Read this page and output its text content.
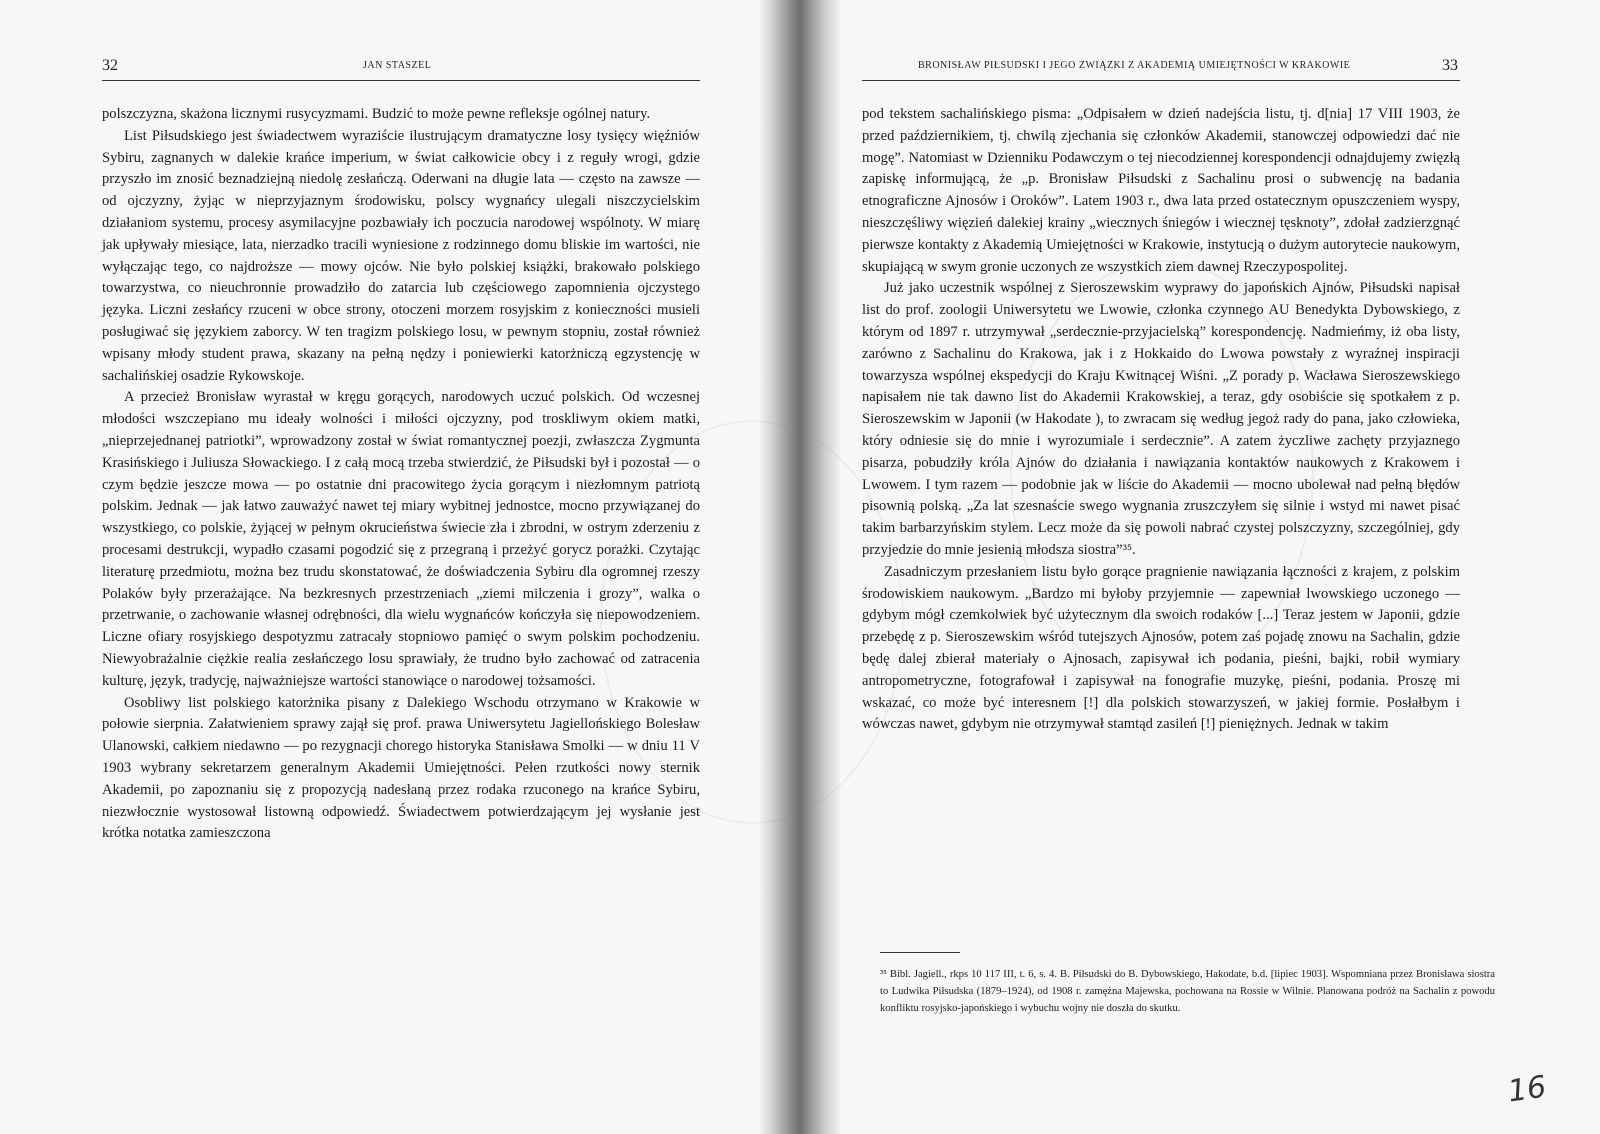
32	JAN STASZEL

polszczyzna, skażona licznymi rusycyzmami. Budzić to może pewne refleksje ogólnej natury.

List Piłsudskiego jest świadectwem wyraziście ilustrującym dramatyczne losy tysięcy więźniów Sybiru, zagnanych w dalekie krańce imperium, w świat całkowicie obcy i z reguły wrogi, gdzie przyszło im znosić beznadziejną niedolę zesłańczą. Oderwani na długie lata — często na zawsze — od ojczyzny, żyjąc w nieprzyjaznym środowisku, polscy wygnańcy ulegali niszczycielskim działaniom systemu, procesy asymilacyjne pozbawiały ich poczucia narodowej wspólnoty. W miarę jak upływały miesiące, lata, nierzadko tracili wyniesione z rodzinnego domu bliskie im wartości, nie wyłączając tego, co najdroższe — mowy ojców. Nie było polskiej książki, brakowało polskiego towarzystwa, co nieuchronnie prowadziło do zatarcia lub częściowego zapomnienia ojczystego języka. Liczni zesłańcy rzuceni w obce strony, otoczeni morzem rosyjskim z konieczności musieli posługiwać się językiem zaborcy. W ten tragizm polskiego losu, w pewnym stopniu, został również wpisany młody student prawa, skazany na pełną nędzy i poniewierki katorżniczą egzystencję w sachalińskiej osadzie Rykowskoje.

A przecież Bronisław wyrastał w kręgu gorących, narodowych uczuć polskich. Od wczesnej młodości wszczepiano mu ideały wolności i miłości ojczyzny, pod troskliwym okiem matki, „nieprzejednanej patriotki”, wprowadzony został w świat romantycznej poezji, zwłaszcza Zygmunta Krasińskiego i Juliusza Słowackiego. I z całą mocą trzeba stwierdzić, że Piłsudski był i pozostał — o czym będzie jeszcze mowa — po ostatnie dni pracowitego życia gorącym i niezłomnym patriotą polskim. Jednak — jak łatwo zauważyć nawet tej miary wybitnej jednostce, mocno przywiązanej do wszystkiego, co polskie, żyjącej w pełnym okrucieństwa świecie zła i zbrodni, w ostrym zderzeniu z procesami destrukcji, wypadło czasami pogodzić się z przegraną i przeżyć gorycz porażki. Czytając literaturę przedmiotu, można bez trudu skonstatować, że doświadczenia Sybiru dla ogromnej rzeszy Polaków były przerażające. Na bezkresnych przestrzeniach „ziemi milczenia i grozy”, walka o przetrwanie, o zachowanie własnej odrębności, dla wielu wygnańców kończyła się niepowodzeniem. Liczne ofiary rosyjskiego despotyzmu zatracały stopniowo pamięć o swym polskim pochodzeniu. Niewyobrażalnie ciężkie realia zesłańczego losu sprawiały, że trudno było zachować od zatracenia kulturę, język, tradycję, najważniejsze wartości stanowiące o narodowej tożsamości.

Osobliwy list polskiego katorżnika pisany z Dalekiego Wschodu otrzymano w Krakowie w połowie sierpnia. Załatwieniem sprawy zajął się prof. prawa Uniwersytetu Jagiellońskiego Bolesław Ulanowski, całkiem niedawno — po rezygnacji chorego historyka Stanisława Smolki — w dniu 11 V 1903 wybrany sekretarzem generalnym Akademii Umiejętności. Pełen rzutkości nowy sternik Akademii, po zapoznaniu się z propozycją nadesłaną przez rodaka rzuconego na krańce Sybiru, niezwłocznie wystosował listowną odpowiedź. Świadectwem potwierdzającym jej wysłanie jest krótka notatka zamieszczona

BRONISŁAW PIŁSUDSKI I JEGO ZWIĄZKI Z AKADEMIĄ UMIEJĘTNOŚCI W KRAKOWIE	33

pod tekstem sachalińskiego pisma: „Odpisałem w dzień nadejścia listu, tj. d[nia] 17 VIII 1903, że przed październikiem, tj. chwilą zjechania się członków Akademii, stanowczej odpowiedzi dać nie mogę”. Natomiast w Dzienniku Podawczym o tej niecodziennej korespondencji odnajdujemy zwięzłą zapiskę informującą, że „p. Bronisław Piłsudski z Sachalinu prosi o subwencję na badania etnograficzne Ajnosów i Oroków”. Latem 1903 r., dwa lata przed ostatecznym opuszczeniem wyspy, nieszczęśliwy więzień dalekiej krainy „wiecznych śniegów i wiecznej tęsknoty”, zdołał zadzierzgnąć pierwsze kontakty z Akademią Umiejętności w Krakowie, instytucją o dużym autorytecie naukowym, skupiającą w swym gronie uczonych ze wszystkich ziem dawnej Rzeczypospolitej.

Już jako uczestnik wspólnej z Sieroszewskim wyprawy do japońskich Ajnów, Piłsudski napisał list do prof. zoologii Uniwersytetu we Lwowie, członka czynnego AU Benedykta Dybowskiego, z którym od 1897 r. utrzymywał „serdecznie-przyjacielską” korespondencję. Nadmieńmy, iż oba listy, zarówno z Sachalinu do Krakowa, jak i z Hokkaido do Lwowa powstały z wyraźnej inspiracji towarzysza wspólnej ekspedycji do Kraju Kwitnącej Wiśni. „Z porady p. Wacława Sieroszewskiego napisałem nie tak dawno list do Akademii Krakowskiej, a teraz, gdy osobiście się spotkałem z p. Sieroszewskim w Japonii (w Hakodate ), to zwracam się według jegoż rady do pana, jako człowieka, który odniesie się do mnie i wyrozumiale i serdecznie”. A zatem życzliwe zachęty przyjaznego pisarza, pobudziły króla Ajnów do działania i nawiązania kontaktów naukowych z Krakowem i Lwowem. I tym razem — podobnie jak w liście do Akademii — mocno ubolewał nad pełną błędów pisownią polską. „Za lat szesnaście swego wygnania zruszczyłem się silnie i wstyd mi nawet pisać takim barbarzyńskim stylem. Lecz może da się powoli nabrać czystej polszczyzny, szczególniej, gdy przyjedzie do mnie jesienią młodsza siostra”³⁵.

Zasadniczym przesłaniem listu było gorące pragnienie nawiązania łączności z krajem, z polskim środowiskiem naukowym. „Bardzo mi byłoby przyjemnie — zapewniał lwowskiego uczonego — gdybym mógł czemkolwiek być użytecznym dla swoich rodaków [...] Teraz jestem w Japonii, gdzie przebędę z p. Sieroszewskim wśród tutejszych Ajnosów, potem zaś pojadę znowu na Sachalin, gdzie będę dalej zbierał materiały o Ajnosach, zapisywał ich podania, pieśni, bajki, robił wymiary antropometryczne, fotografował i zapisywał na fonografie muzykę, pieśni, podania. Proszę mi wskazać, co może być interesnem [!] dla polskich stowarzyszeń, w jakiej formie. Posłałbym i wówczas nawet, gdybym nie otrzymywał stamtąd zasileń [!] pieniężnych. Jednak w takim

³⁵ Bibl. Jagiell., rkps 10 117 III, t. 6, s. 4. B. Piłsudski do B. Dybowskiego, Hakodate, b.d. [lipiec 1903]. Wspomniana przez Bronisława siostra to Ludwika Piłsudska (1879–1924), od 1908 r. zamężna Majewska, pochowana na Rossie w Wilnie. Planowana podróż na Sachalin z powodu konfliktu rosyjsko-japońskiego i wybuchu wojny nie doszła do skutku.
16
